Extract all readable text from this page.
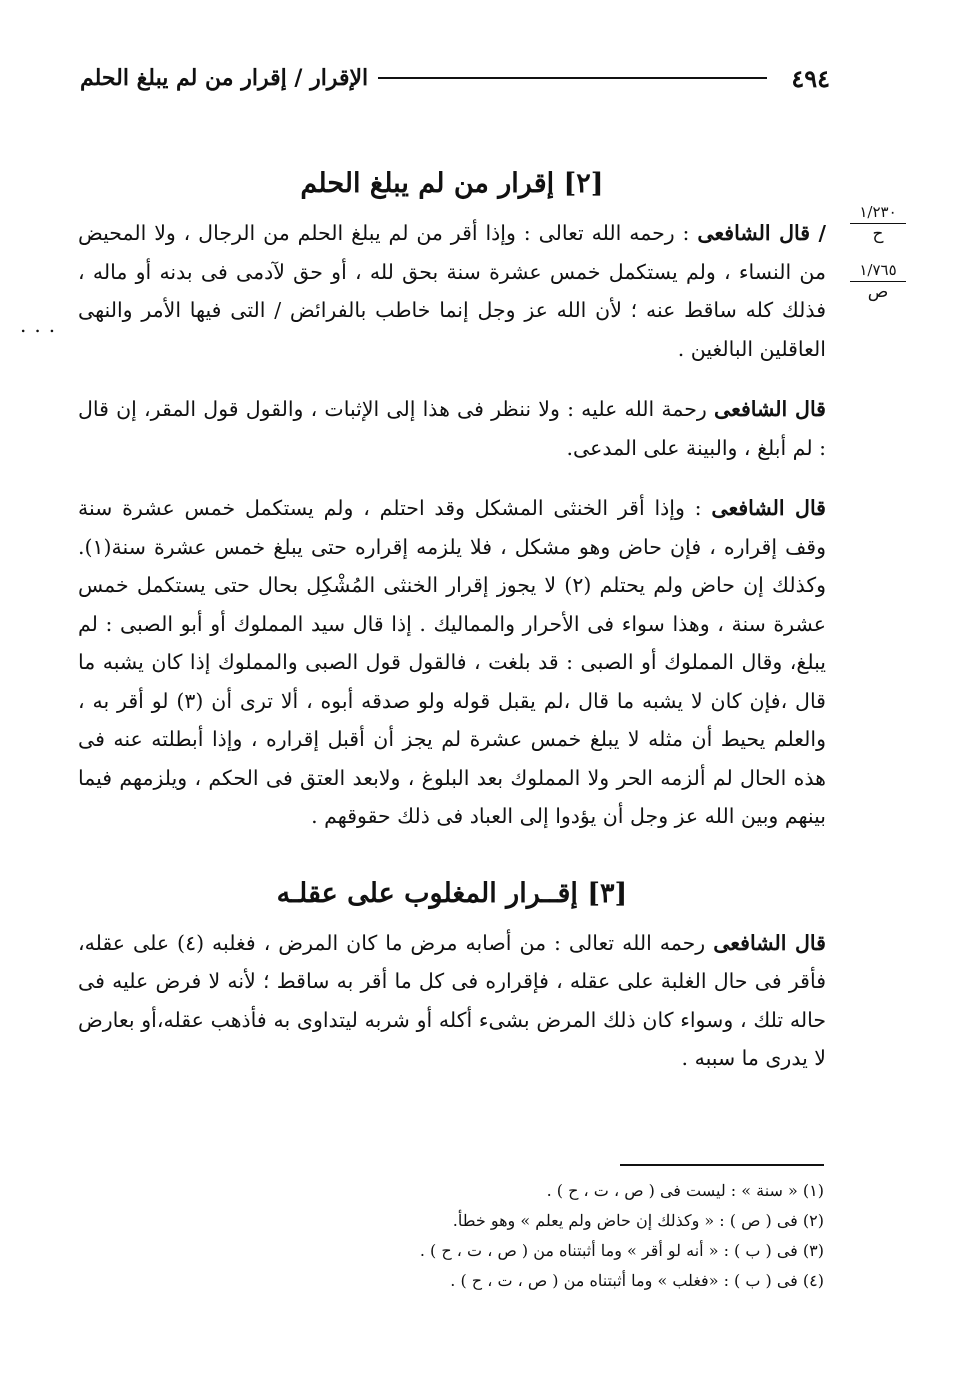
٤٩٤
الإقرار / إقرار من لم يبلغ الحلم
١/٢٣٠
ح
١/٧٦٥
ص
...
[٢] إقرار من لم يبلغ الحلم

/ قال الشافعى : رحمه الله تعالى : وإذا أقر من لم يبلغ الحلم من الرجال ، ولا المحيض من النساء ، ولم يستكمل خمس عشرة سنة بحق لله ، أو حق لآدمى فى بدنه أو ماله ، فذلك كله ساقط عنه ؛ لأن الله عز وجل إنما خاطب بالفرائض / التى فيها الأمر والنهى العاقلين البالغين .

قال الشافعى رحمة الله عليه : ولا ننظر فى هذا إلى الإثبات ، والقول قول المقر، إن قال : لم أبلغ ، والبينة على المدعى.

قال الشافعى : وإذا أقر الخنثى المشكل وقد احتلم ، ولم يستكمل خمس عشرة سنة وقف إقراره ، فإن حاض وهو مشكل ، فلا يلزمه إقراره حتى يبلغ خمس عشرة سنة(١). وكذلك إن حاض ولم يحتلم (٢) لا يجوز إقرار الخنثى المُشْكِل بحال حتى يستكمل خمس عشرة سنة ، وهذا سواء فى الأحرار والمماليك . إذا قال سيد المملوك أو أبو الصبى : لم يبلغ، وقال المملوك أو الصبى : قد بلغت ، فالقول قول الصبى والمملوك إذا كان يشبه ما قال ،فإن كان لا يشبه ما قال ،لم يقبل قوله ولو صدقه أبوه ، ألا ترى أن (٣) لو أقر به ، والعلم يحيط أن مثله لا يبلغ خمس عشرة لم يجز أن أقبل إقراره ، وإذا أبطلته عنه فى هذه الحال لم ألزمه الحر ولا المملوك بعد البلوغ ، ولابعد العتق فى الحكم ، ويلزمهم فيما بينهم وبين الله عز وجل أن يؤدوا إلى العباد فى ذلك حقوقهم .

[٣] إقــرار المغلوب على عقلـه

قال الشافعى رحمه الله تعالى : من أصابه مرض ما كان المرض ، فغلبه (٤) على عقله، فأقر فى حال الغلبة على عقله ، فإقراره فى كل ما أقر به ساقط ؛ لأنه لا فرض عليه فى حاله تلك ، وسواء كان ذلك المرض بشىء أكله أو شربه ليتداوى به فأذهب عقله،أو بعارض لا يدرى ما سببه .

(١) « سنة » : ليست فى ( ص ، ت ، ح ) .
(٢) فى ( ص ) : « وكذلك إن حاض ولم يعلم » وهو خطأ.
(٣) فى ( ب ) : « أنه لو أقر » وما أثبتناه من ( ص ، ت ، ح ) .
(٤) فى ( ب ) : «فغلب » وما أثبتناه من ( ص ، ت ، ح ) .
